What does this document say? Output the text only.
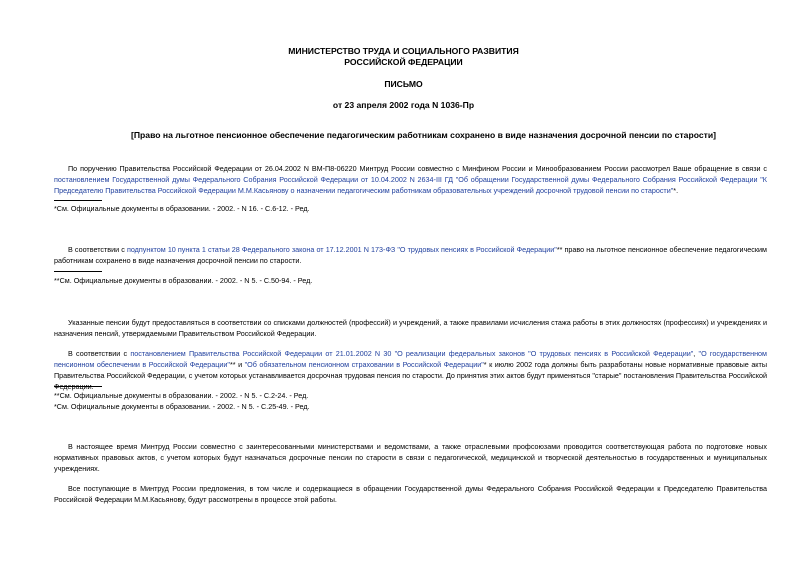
МИНИСТЕРСТВО ТРУДА И СОЦИАЛЬНОГО РАЗВИТИЯ
РОССИЙСКОЙ ФЕДЕРАЦИИ
ПИСЬМО
от 23 апреля 2002 года N 1036-Пр
[Право на льготное пенсионное обеспечение педагогическим работникам сохранено в виде назначения досрочной пенсии по старости]
По поручению Правительства Российской Федерации от 26.04.2002 N ВМ-П8-06220 Минтруд России совместно с Минфином России и Минообразованием России рассмотрел Ваше обращение в связи с постановлением Государственной думы Федерального Собрания Российской Федерации от 10.04.2002 N 2634-III ГД "Об обращении Государственной думы Федерального Собрания Российской Федерации "К Председателю Правительства Российской Федерации М.М.Касьянову о назначении педагогическим работникам образовательных учреждений досрочной трудовой пенсии по старости"*.
*См. Официальные документы в образовании. - 2002. - N 16. - С.6-12. - Ред.
В соответствии с подпунктом 10 пункта 1 статьи 28 Федерального закона от 17.12.2001 N 173-ФЗ "О трудовых пенсиях в Российской Федерации"** право на льготное пенсионное обеспечение педагогическим работникам сохранено в виде назначения досрочной пенсии по старости.
**См. Официальные документы в образовании. - 2002. - N 5. - С.50-94. - Ред.
Указанные пенсии будут предоставляться в соответствии со списками должностей (профессий) и учреждений, а также правилами исчисления стажа работы в этих должностях (профессиях) и учреждениях и назначения пенсий, утверждаемыми Правительством Российской Федерации.
В соответствии с постановлением Правительства Российской Федерации от 21.01.2002 N 30 "О реализации федеральных законов "О трудовых пенсиях в Российской Федерации", "О государственном пенсионном обеспечении в Российской Федерации"** и "Об обязательном пенсионном страховании в Российской Федерации"* к июлю 2002 года должны быть разработаны новые нормативные правовые акты Правительства Российской Федерации, с учетом которых устанавливается досрочная трудовая пенсия по старости. До принятия этих актов будут применяться "старые" постановления Правительства Российской Федерации.
**См. Официальные документы в образовании. - 2002. - N 5. - С.2-24. - Ред.
*См. Официальные документы в образовании. - 2002. - N 5. - С.25-49. - Ред.
В настоящее время Минтруд России совместно с заинтересованными министерствами и ведомствами, а также отраслевыми профсоюзами проводится соответствующая работа по подготовке новых нормативных правовых актов, с учетом которых будут назначаться досрочные пенсии по старости в связи с педагогической, медицинской и творческой деятельностью в государственных и муниципальных учреждениях.
Все поступающие в Минтруд России предложения, в том числе и содержащиеся в обращении Государственной думы Федерального Собрания Российской Федерации к Председателю Правительства Российской Федерации М.М.Касьянову, будут рассмотрены в процессе этой работы.
